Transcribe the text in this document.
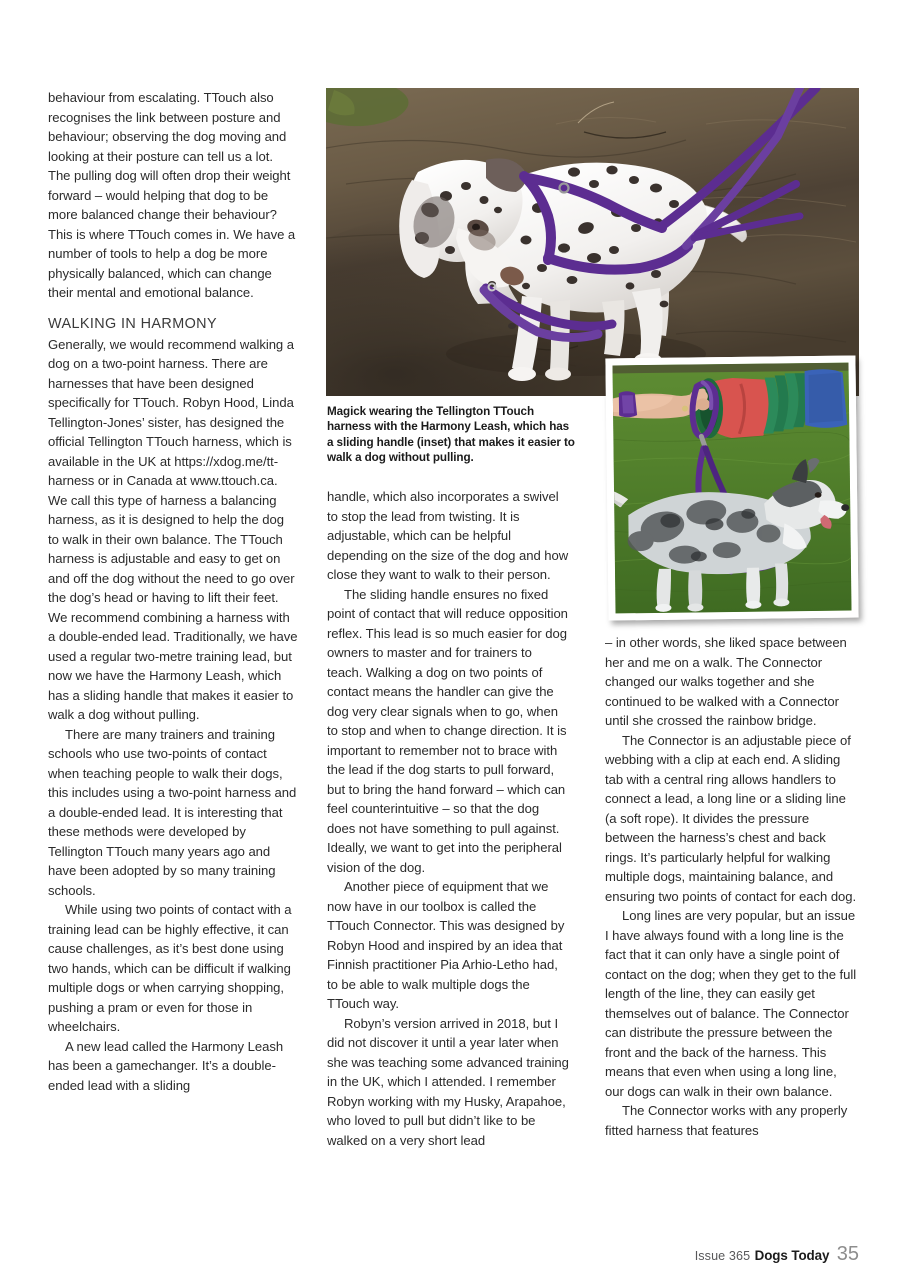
Magick wearing the Tellington TTouch harness with the Harmony Leash, which has a sliding handle (inset) that makes it easier to walk a dog without pulling.

behaviour from escalating. TTouch also recognises the link between posture and behaviour; observing the dog moving and looking at their posture can tell us a lot. The pulling dog will often drop their weight forward – would helping that dog to be more balanced change their behaviour? This is where TTouch comes in. We have a number of tools to help a dog be more physically balanced, which can change their mental and emotional balance.

WALKING IN HARMONY

Generally, we would recommend walking a dog on a two-point harness. There are harnesses that have been designed specifically for TTouch. Robyn Hood, Linda Tellington-Jones’ sister, has designed the official Tellington TTouch harness, which is available in the UK at https://xdog.me/tt-harness or in Canada at www.ttouch.ca. We call this type of harness a balancing harness, as it is designed to help the dog to walk in their own balance. The TTouch harness is adjustable and easy to get on and off the dog without the need to go over the dog’s head or having to lift their feet. We recommend combining a harness with a double-ended lead. Traditionally, we have used a regular two-metre training lead, but now we have the Harmony Leash, which has a sliding handle that makes it easier to walk a dog without pulling.

There are many trainers and training schools who use two-points of contact when teaching people to walk their dogs, this includes using a two-point harness and a double-ended lead. It is interesting that these methods were developed by Tellington TTouch many years ago and have been adopted by so many training schools.

While using two points of contact with a training lead can be highly effective, it can cause challenges, as it’s best done using two hands, which can be difficult if walking multiple dogs or when carrying shopping, pushing a pram or even for those in wheelchairs.

A new lead called the Harmony Leash has been a gamechanger. It’s a double-ended lead with a sliding

handle, which also incorporates a swivel to stop the lead from twisting. It is adjustable, which can be helpful depending on the size of the dog and how close they want to walk to their person.

The sliding handle ensures no fixed point of contact that will reduce opposition reflex. This lead is so much easier for dog owners to master and for trainers to teach. Walking a dog on two points of contact means the handler can give the dog very clear signals when to go, when to stop and when to change direction. It is important to remember not to brace with the lead if the dog starts to pull forward, but to bring the hand forward – which can feel counterintuitive – so that the dog does not have something to pull against. Ideally, we want to get into the peripheral vision of the dog.

Another piece of equipment that we now have in our toolbox is called the TTouch Connector. This was designed by Robyn Hood and inspired by an idea that Finnish practitioner Pia Arhio-Letho had, to be able to walk multiple dogs the TTouch way.

Robyn’s version arrived in 2018, but I did not discover it until a year later when she was teaching some advanced training in the UK, which I attended. I remember Robyn working with my Husky, Arapahoe, who loved to pull but didn’t like to be walked on a very short lead

– in other words, she liked space between her and me on a walk. The Connector changed our walks together and she continued to be walked with a Connector until she crossed the rainbow bridge.

The Connector is an adjustable piece of webbing with a clip at each end. A sliding tab with a central ring allows handlers to connect a lead, a long line or a sliding line (a soft rope). It divides the pressure between the harness’s chest and back rings. It’s particularly helpful for walking multiple dogs, maintaining balance, and ensuring two points of contact for each dog.

Long lines are very popular, but an issue I have always found with a long line is the fact that it can only have a single point of contact on the dog; when they get to the full length of the line, they can easily get themselves out of balance. The Connector can distribute the pressure between the front and the back of the harness. This means that even when using a long line, our dogs can walk in their own balance.

The Connector works with any properly fitted harness that features

Issue 365 Dogs Today 35
